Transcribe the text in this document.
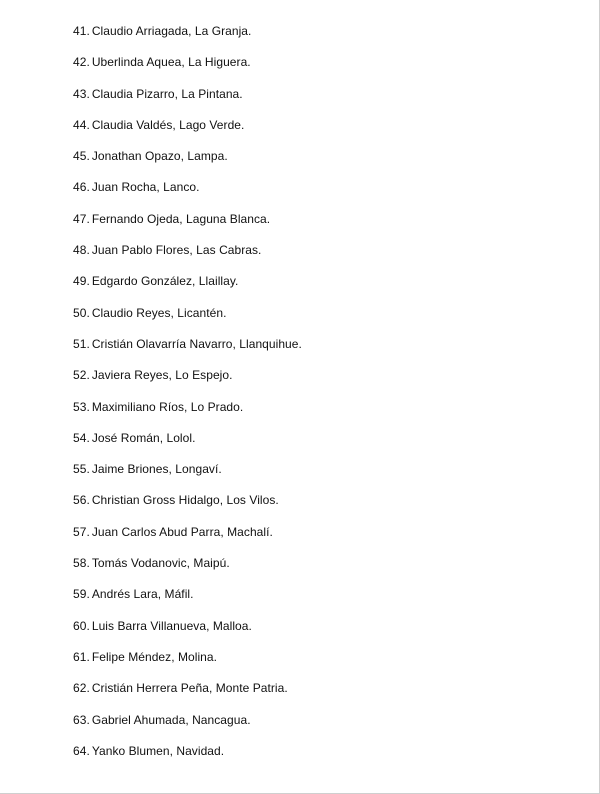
41. Claudio Arriagada, La Granja.
42. Uberlinda Aquea, La Higuera.
43. Claudia Pizarro, La Pintana.
44. Claudia Valdés, Lago Verde.
45. Jonathan Opazo, Lampa.
46. Juan Rocha, Lanco.
47. Fernando Ojeda, Laguna Blanca.
48. Juan Pablo Flores, Las Cabras.
49. Edgardo González, Llaillay.
50. Claudio Reyes, Licantén.
51. Cristián Olavarría Navarro, Llanquihue.
52. Javiera Reyes, Lo Espejo.
53. Maximiliano Ríos, Lo Prado.
54. José Román, Lolol.
55. Jaime Briones, Longaví.
56. Christian Gross Hidalgo, Los Vilos.
57. Juan Carlos Abud Parra, Machalí.
58. Tomás Vodanovic, Maipú.
59. Andrés Lara, Máfil.
60. Luis Barra Villanueva, Malloa.
61. Felipe Méndez, Molina.
62. Cristián Herrera Peña, Monte Patria.
63. Gabriel Ahumada, Nancagua.
64. Yanko Blumen, Navidad.
